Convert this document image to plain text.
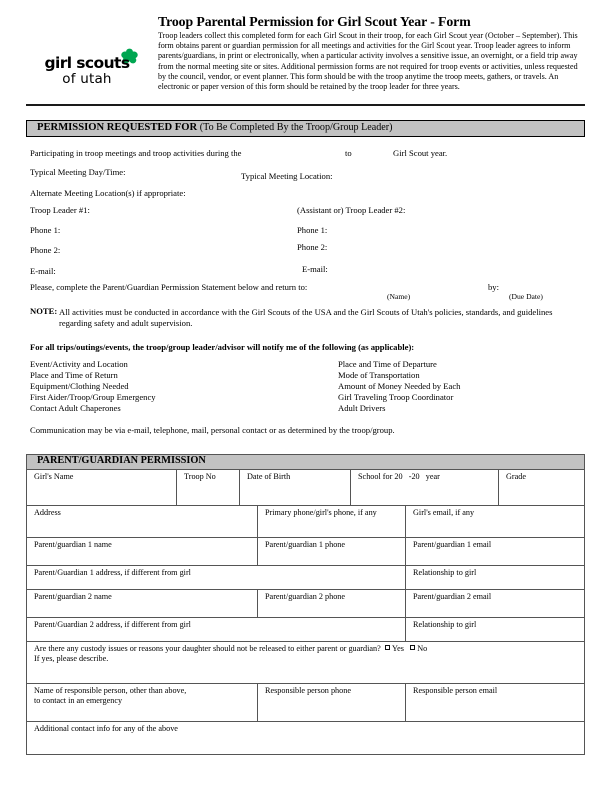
girl scouts
of utah
Troop Parental Permission for Girl Scout Year - Form
Troop leaders collect this completed form for each Girl Scout in their troop, for each Girl Scout year (October – September). This form obtains parent or guardian permission for all meetings and activities for the Girl Scout year. Troop leader agrees to inform parents/guardians, in print or electronically, when a particular activity involves a sensitive issue, an overnight, or a field trip away from the normal meeting site or sites. Additional permission forms are not required for troop events or activities, unless requested by the council, vendor, or event planner. This form should be with the troop anytime the troop meets, gathers, or travels. An electronic or paper version of this form should be retained by the troop leader for three years.
PERMISSION REQUESTED FOR (To Be Completed By the Troop/Group Leader)
Participating in troop meetings and troop activities during the	to	Girl Scout year.
Typical Meeting Day/Time:	Typical Meeting Location:
Alternate Meeting Location(s) if appropriate:
Troop Leader #1:	(Assistant or) Troop Leader #2:
Phone 1:	Phone 1:
Phone 2:	Phone 2:
E-mail:	E-mail:
Please, complete the Parent/Guardian Permission Statement below and return to:
(Name)
by:
(Due Date)
NOTE: All activities must be conducted in accordance with the Girl Scouts of the USA and the Girl Scouts of Utah's policies, standards, and guidelines regarding safety and adult supervision.
For all trips/outings/events, the troop/group leader/advisor will notify me of the following (as applicable):
Event/Activity and Location
Place and Time of Return
Equipment/Clothing Needed
First Aider/Troop/Group Emergency
Contact Adult Chaperones
Place and Time of Departure
Mode of Transportation
Amount of Money Needed by Each
Girl Traveling Troop Coordinator
Adult Drivers
Communication may be via e-mail, telephone, mail, personal contact or as determined by the troop/group.
PARENT/GUARDIAN PERMISSION
Girl's Name	Troop No	Date of Birth	School for 20 -20 year	Grade
Address	Primary phone/girl's phone, if any	Girl's email, if any
Parent/guardian 1 name	Parent/guardian 1 phone	Parent/guardian 1 email
Parent/Guardian 1 address, if different from girl	Relationship to girl
Parent/guardian 2 name	Parent/guardian 2 phone	Parent/guardian 2 email
Parent/Guardian 2 address, if different from girl	Relationship to girl
Are there any custody issues or reasons your daughter should not be released to either parent or guardian? Yes No
If yes, please describe.
Name of responsible person, other than above,
to contact in an emergency
Responsible person phone	Responsible person email
Additional contact info for any of the above
